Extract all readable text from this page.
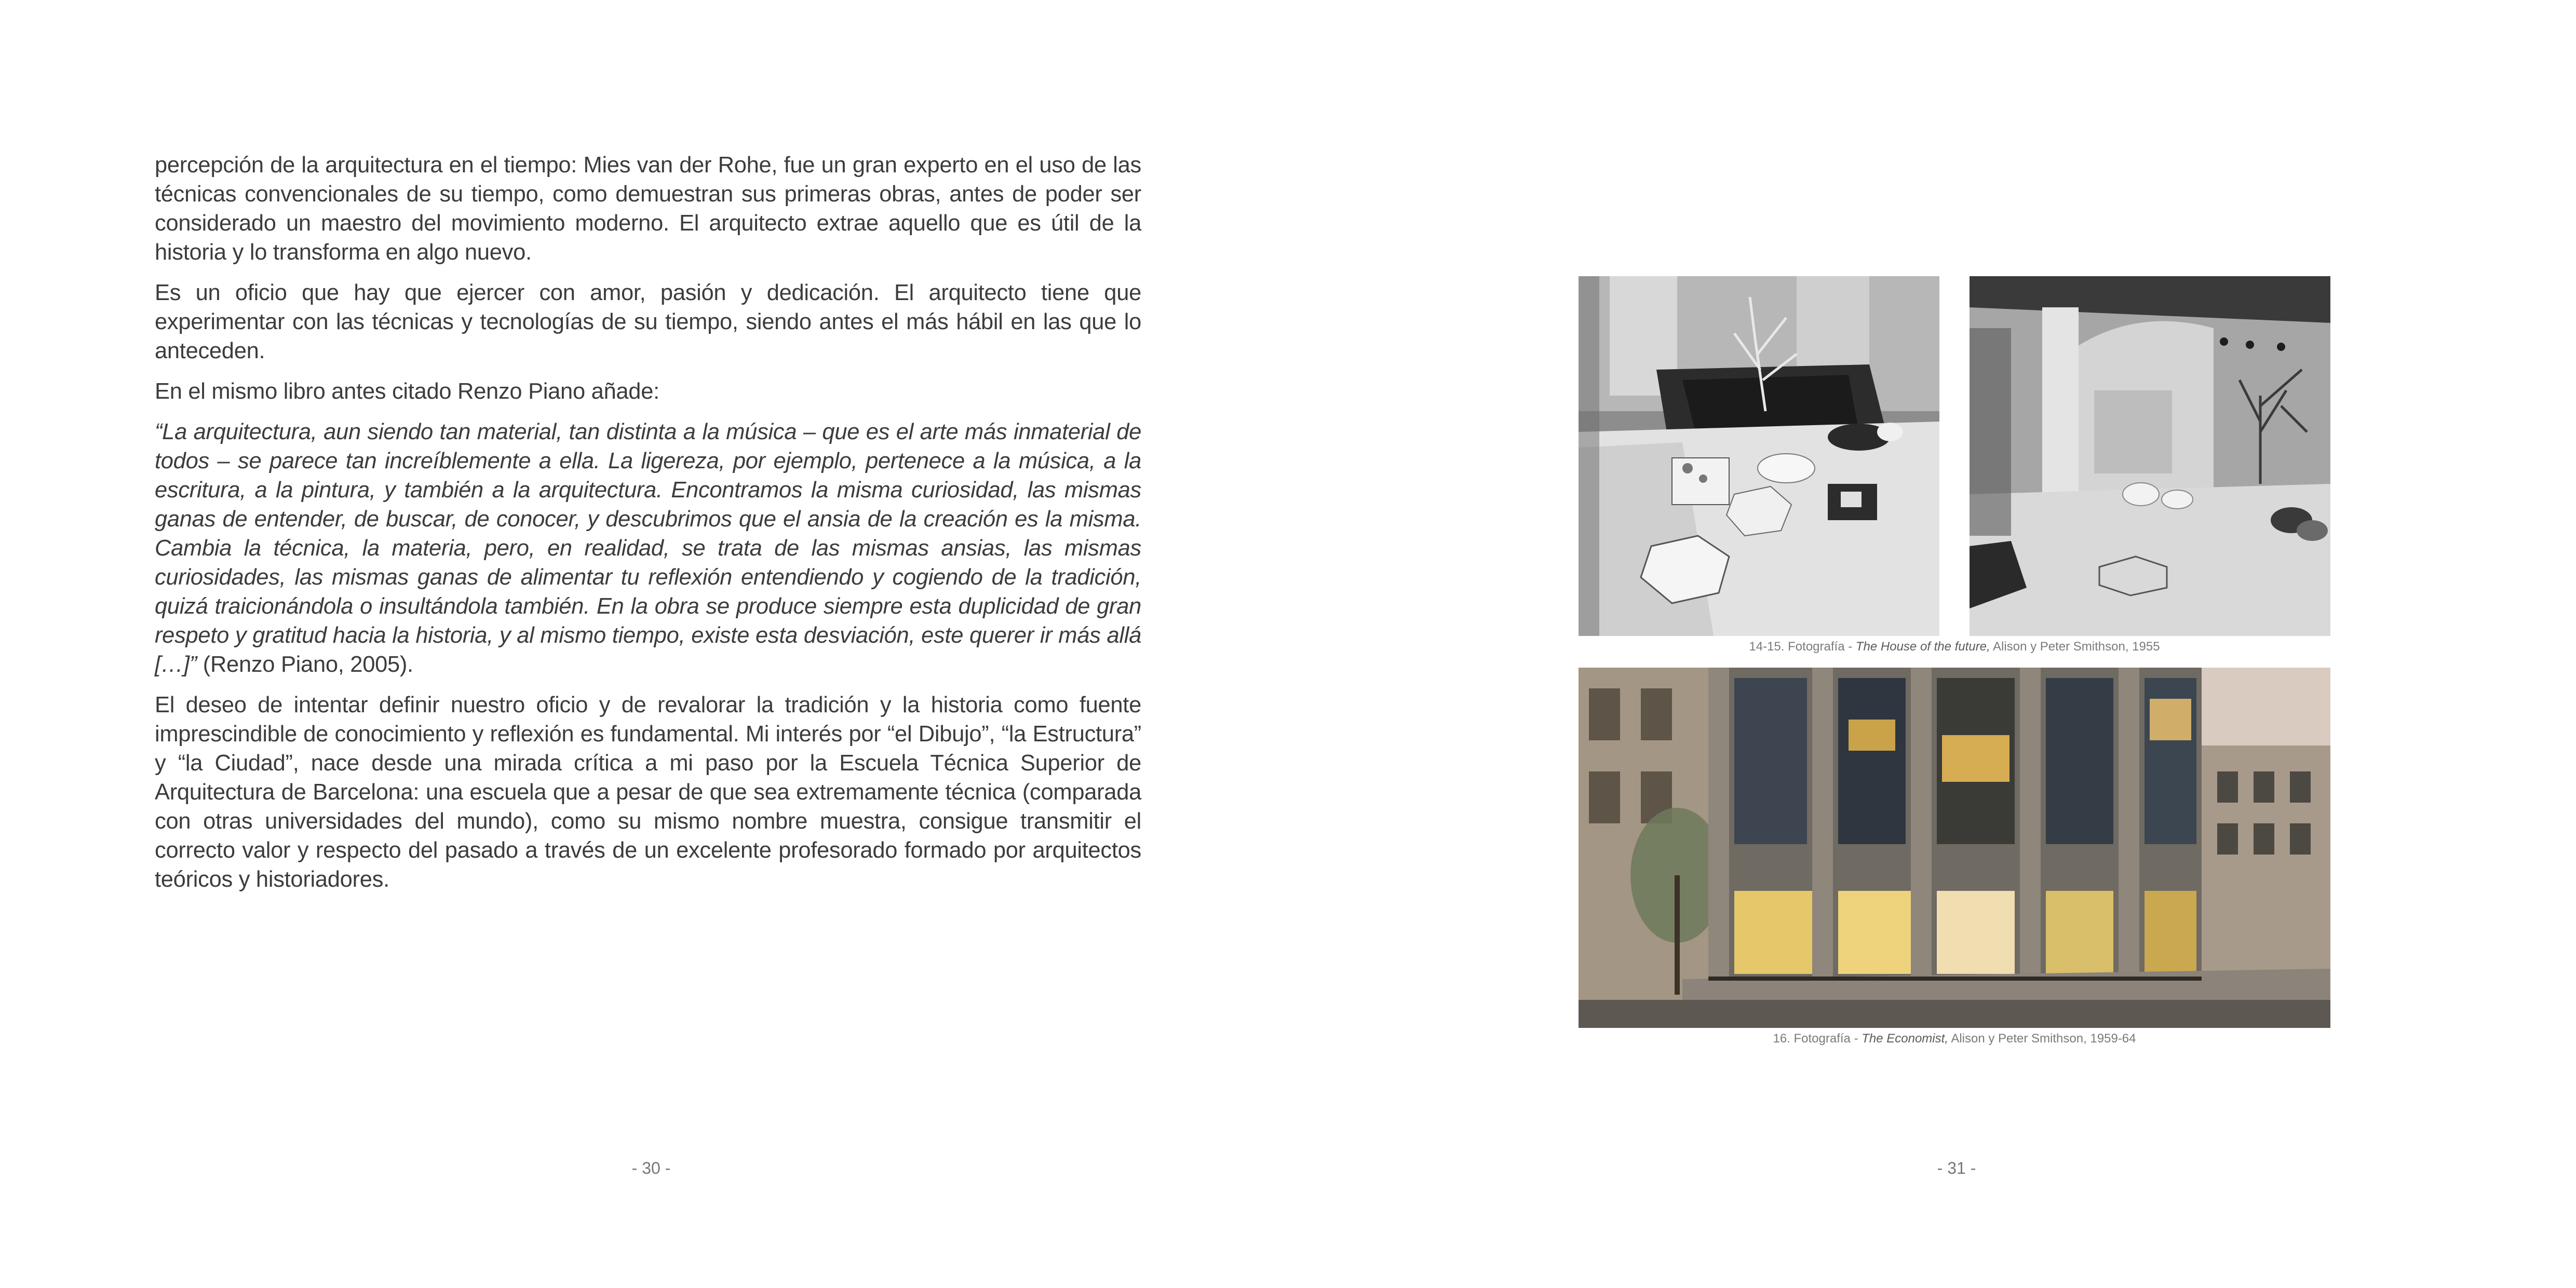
percepción de la arquitectura en el tiempo: Mies van der Rohe, fue un gran experto en el uso de las técnicas convencionales de su tiempo, como demuestran sus primeras obras, antes de poder ser considerado un maestro del movimiento moderno. El arquitecto extrae aquello que es útil de la historia y lo transforma en algo nuevo.

Es un oficio que hay que ejercer con amor, pasión y dedicación. El arquitecto tiene que experimentar con las técnicas y tecnologías de su tiempo, siendo antes el más hábil en las que lo anteceden.

En el mismo libro antes citado Renzo Piano añade:

“La arquitectura, aun siendo tan material, tan distinta a la música – que es el arte más inmaterial de todos – se parece tan increíblemente a ella. La ligereza, por ejemplo, pertenece a la música, a la escritura, a la pintura, y también a la arquitectura. Encontramos la misma curiosidad, las mismas ganas de entender, de buscar, de conocer, y descubrimos que el ansia de la creación es la misma. Cambia la técnica, la materia, pero, en realidad, se trata de las mismas ansias, las mismas curiosidades, las mismas ganas de alimentar tu reflexión entendiendo y cogiendo de la tradición, quizá traicionándola o insultándola también. En la obra se produce siempre esta duplicidad de gran respeto y gratitud hacia la historia, y al mismo tiempo, existe esta desviación, este querer ir más allá […]” (Renzo Piano, 2005).

El deseo de intentar definir nuestro oficio y de revalorar la tradición y la historia como fuente imprescindible de conocimiento y reflexión es fundamental. Mi interés por “el Dibujo”, “la Estructura” y “la Ciudad”, nace desde una mirada crítica a mi paso por la Escuela Técnica Superior de Arquitectura de Barcelona: una escuela que a pesar de que sea extremamente técnica (comparada con otras universidades del mundo), como su mismo nombre muestra, consigue transmitir el correcto valor y respecto del pasado a través de un excelente profesorado formado por arquitectos teóricos y historiadores.

- 30 -
14-15. Fotografía - The House of the future, Alison y Peter Smithson, 1955
16. Fotografía - The Economist, Alison y Peter Smithson, 1959-64
- 31 -
